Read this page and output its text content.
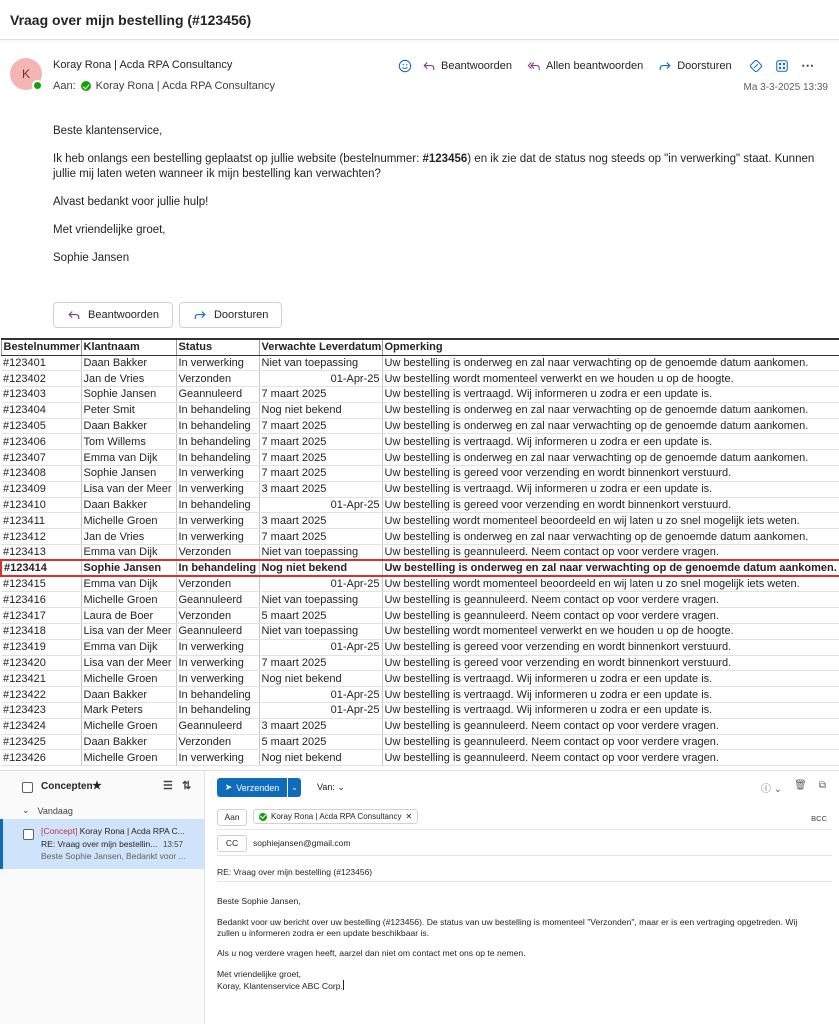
Vraag over mijn bestelling (#123456)
K
Koray Rona | Acda RPA Consultancy
Aan: Koray Rona | Acda RPA Consultancy	Ma 3-3-2025 13:39
Beantwoorden	Allen beantwoorden	Doorsturen	⋯

Beste klantenservice,

Ik heb onlangs een bestelling geplaatst op jullie website (bestelnummer: #123456) en ik zie dat de status nog steeds op "in verwerking" staat. Kunnen jullie mij laten weten wanneer ik mijn bestelling kan verwachten?

Alvast bedankt voor jullie hulp!

Met vriendelijke groet,

Sophie Jansen

Beantwoorden	Doorsturen
Bestelnummer	Klantnaam	Status	Verwachte Leverdatum	Opmerking
#123401	Daan Bakker	In verwerking	Niet van toepassing	Uw bestelling is onderweg en zal naar verwachting op de genoemde datum aankomen.
#123402	Jan de Vries	Verzonden	01-Apr-25	Uw bestelling wordt momenteel verwerkt en we houden u op de hoogte.
#123403	Sophie Jansen	Geannuleerd	7 maart 2025	Uw bestelling is vertraagd. Wij informeren u zodra er een update is.
#123404	Peter Smit	In behandeling	Nog niet bekend	Uw bestelling is onderweg en zal naar verwachting op de genoemde datum aankomen.
#123405	Daan Bakker	In behandeling	7 maart 2025	Uw bestelling is onderweg en zal naar verwachting op de genoemde datum aankomen.
#123406	Tom Willems	In behandeling	7 maart 2025	Uw bestelling is vertraagd. Wij informeren u zodra er een update is.
#123407	Emma van Dijk	In behandeling	7 maart 2025	Uw bestelling is onderweg en zal naar verwachting op de genoemde datum aankomen.
#123408	Sophie Jansen	In verwerking	7 maart 2025	Uw bestelling is gereed voor verzending en wordt binnenkort verstuurd.
#123409	Lisa van der Meer	In verwerking	3 maart 2025	Uw bestelling is vertraagd. Wij informeren u zodra er een update is.
#123410	Daan Bakker	In behandeling	01-Apr-25	Uw bestelling is gereed voor verzending en wordt binnenkort verstuurd.
#123411	Michelle Groen	In verwerking	3 maart 2025	Uw bestelling wordt momenteel beoordeeld en wij laten u zo snel mogelijk iets weten.
#123412	Jan de Vries	In verwerking	7 maart 2025	Uw bestelling is onderweg en zal naar verwachting op de genoemde datum aankomen.
#123413	Emma van Dijk	Verzonden	Niet van toepassing	Uw bestelling is geannuleerd. Neem contact op voor verdere vragen.
#123414	Sophie Jansen	In behandeling	Nog niet bekend	Uw bestelling is onderweg en zal naar verwachting op de genoemde datum aankomen.
#123415	Emma van Dijk	Verzonden	01-Apr-25	Uw bestelling wordt momenteel beoordeeld en wij laten u zo snel mogelijk iets weten.
#123416	Michelle Groen	Geannuleerd	Niet van toepassing	Uw bestelling is geannuleerd. Neem contact op voor verdere vragen.
#123417	Laura de Boer	Verzonden	5 maart 2025	Uw bestelling is geannuleerd. Neem contact op voor verdere vragen.
#123418	Lisa van der Meer	Geannuleerd	Niet van toepassing	Uw bestelling wordt momenteel verwerkt en we houden u op de hoogte.
#123419	Emma van Dijk	In verwerking	01-Apr-25	Uw bestelling is gereed voor verzending en wordt binnenkort verstuurd.
#123420	Lisa van der Meer	In verwerking	7 maart 2025	Uw bestelling is gereed voor verzending en wordt binnenkort verstuurd.
#123421	Michelle Groen	In verwerking	Nog niet bekend	Uw bestelling is vertraagd. Wij informeren u zodra er een update is.
#123422	Daan Bakker	In behandeling	01-Apr-25	Uw bestelling is vertraagd. Wij informeren u zodra er een update is.
#123423	Mark Peters	In behandeling	01-Apr-25	Uw bestelling is vertraagd. Wij informeren u zodra er een update is.
#123424	Michelle Groen	Geannuleerd	3 maart 2025	Uw bestelling is geannuleerd. Neem contact op voor verdere vragen.
#123425	Daan Bakker	Verzonden	5 maart 2025	Uw bestelling is geannuleerd. Neem contact op voor verdere vragen.
#123426	Michelle Groen	In verwerking	Nog niet bekend	Uw bestelling is geannuleerd. Neem contact op voor verdere vragen.
Concepten ★	☰ ⇅
⌄ Vandaag
[Concept] Koray Rona | Acda RPA C...
RE: Vraag over mijn bestellin... 13:57
Beste Sophie Jansen, Bedankt voor ...
➤ Verzenden	⌄	Van: ⌄	ⓘ ⌄ 🗑 ⧉
Aan	Koray Rona | Acda RPA Consultancy ✕	BCC
CC	sophiejansen@gmail.com
RE: Vraag over mijn bestelling (#123456)

Beste Sophie Jansen,

Bedankt voor uw bericht over uw bestelling (#123456). De status van uw bestelling is momenteel "Verzonden", maar er is een vertraging opgetreden. Wij zullen u informeren zodra er een update beschikbaar is.

Als u nog verdere vragen heeft, aarzel dan niet om contact met ons op te nemen.

Met vriendelijke groet,

Koray, Klantenservice ABC Corp.
